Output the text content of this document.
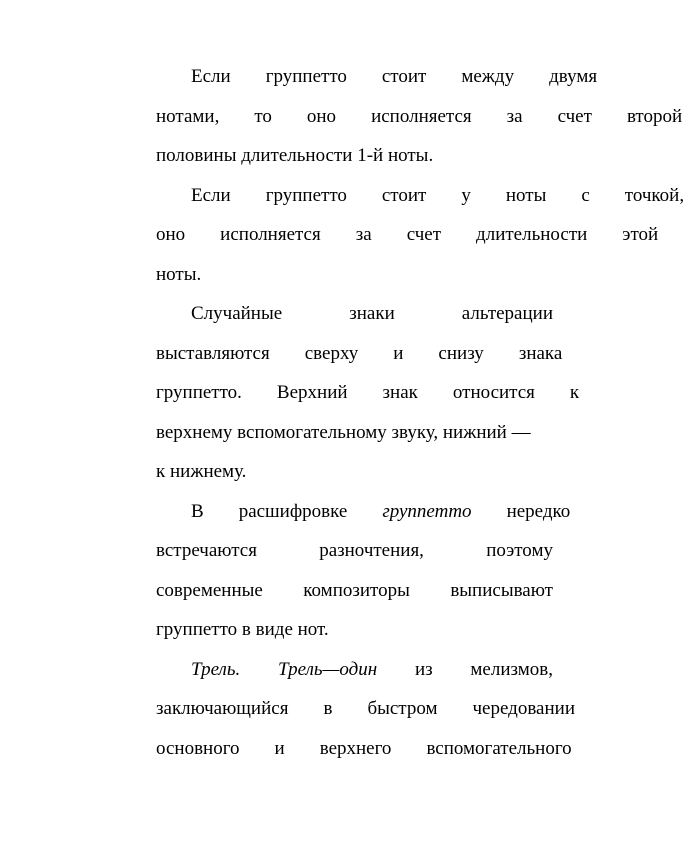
Если	группетто	стоит	между	двумя
нотами,	то	оно	исполняется	за	счет	второй
половины длительности 1-й ноты.
Если	группетто	стоит	у	ноты	с	точкой,
оно	исполняется	за	счет	длительности	этой
ноты.
Случайные	знаки	альтерации
выставляются	сверху	и	снизу	знака
группетто.	Верхний	знак	относится	к
верхнему вспомогательному звуку, нижний —
к нижнему.
В	расшифровке	группетто	нередко
встречаются	разночтения,	поэтому
современные	композиторы	выписывают
группетто в виде нот.
Трель.	Трель—один	из	мелизмов,
заключающийся	в	быстром	чередовании
основного	и	верхнего	вспомогательного
